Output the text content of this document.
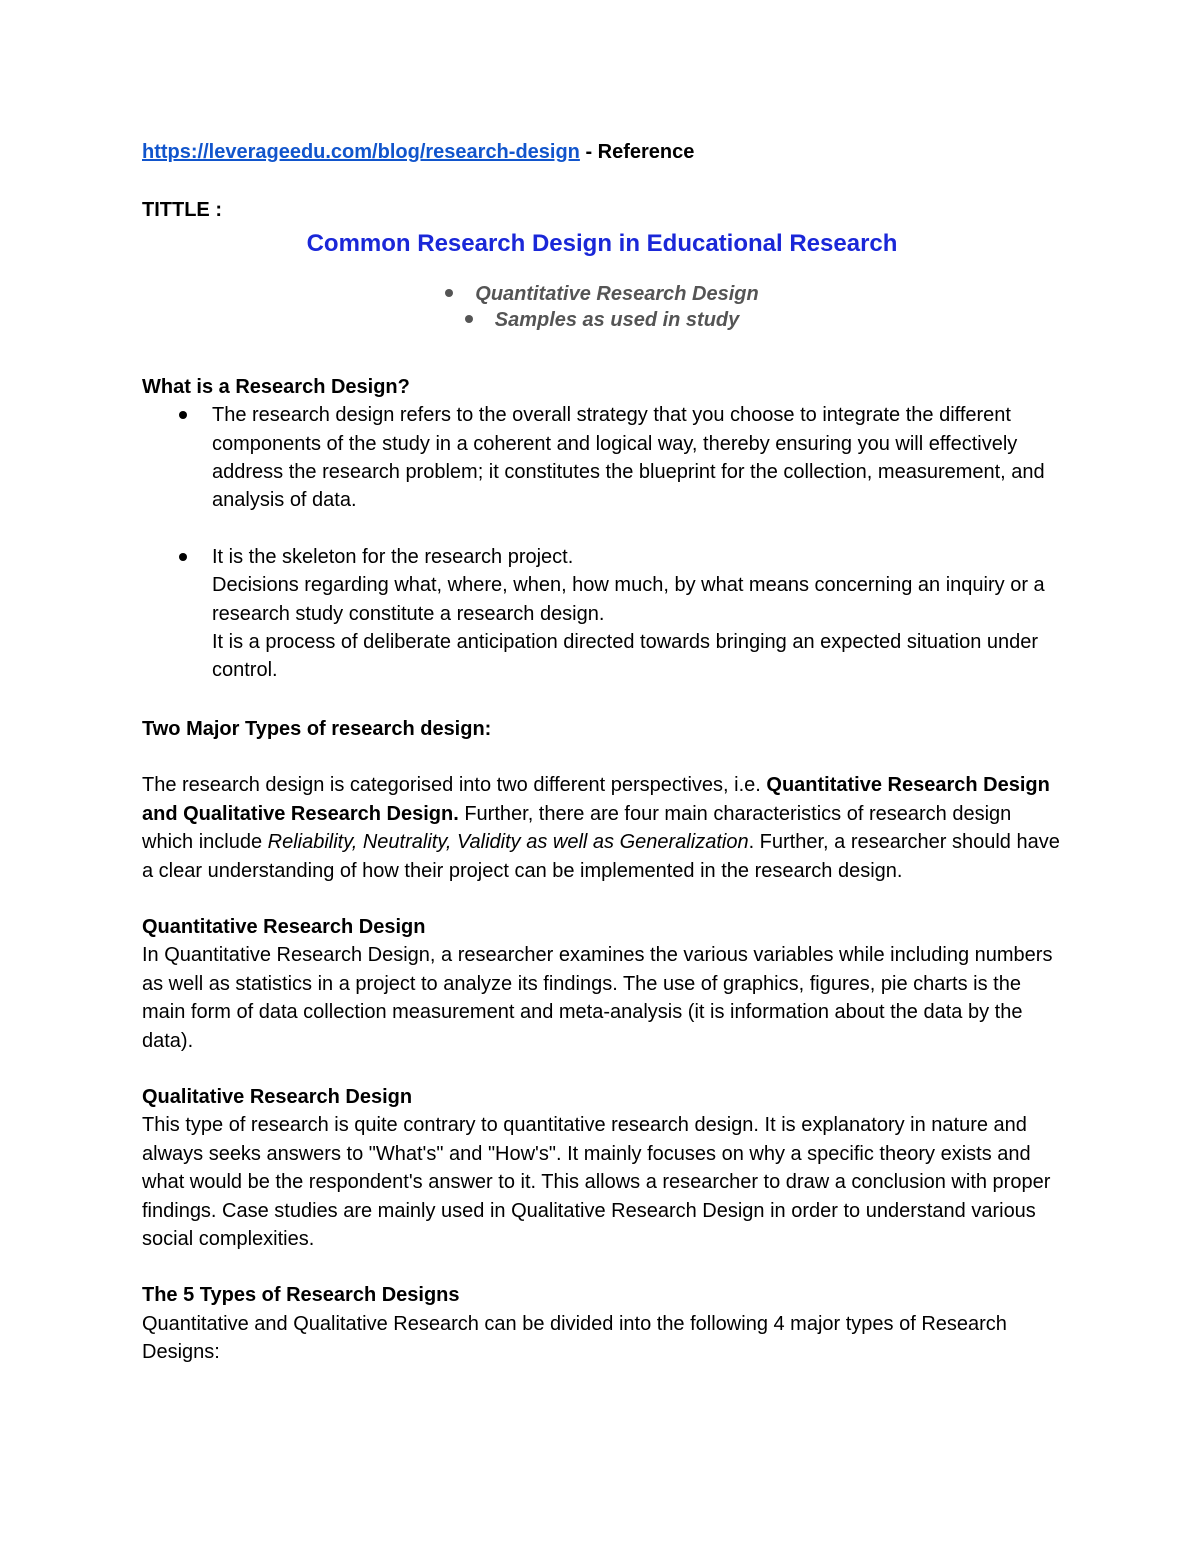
https://leverageedu.com/blog/research-design - Reference

TITTLE :

Common Research Design in Educational Research

Quantitative Research Design
Samples as used in study

What is a Research Design?

The research design refers to the overall strategy that you choose to integrate the different components of the study in a coherent and logical way, thereby ensuring you will effectively address the research problem; it constitutes the blueprint for the collection, measurement, and analysis of data.
It is the skeleton for the research project.
Decisions regarding what, where, when, how much, by what means concerning an inquiry or a research study constitute a research design.
It is a process of deliberate anticipation directed towards bringing an expected situation under control.

Two Major Types of research design:

The research design is categorised into two different perspectives, i.e. Quantitative Research Design and Qualitative Research Design. Further, there are four main characteristics of research design which include Reliability, Neutrality, Validity as well as Generalization. Further, a researcher should have a clear understanding of how their project can be implemented in the research design.

Quantitative Research Design

In Quantitative Research Design, a researcher examines the various variables while including numbers as well as statistics in a project to analyze its findings. The use of graphics, figures, pie charts is the main form of data collection measurement and meta-analysis (it is information about the data by the data).

Qualitative Research Design

This type of research is quite contrary to quantitative research design. It is explanatory in nature and always seeks answers to "What's" and "How's". It mainly focuses on why a specific theory exists and what would be the respondent's answer to it. This allows a researcher to draw a conclusion with proper findings. Case studies are mainly used in Qualitative Research Design in order to understand various social complexities.

The 5 Types of Research Designs

Quantitative and Qualitative Research can be divided into the following 4 major types of Research Designs:
